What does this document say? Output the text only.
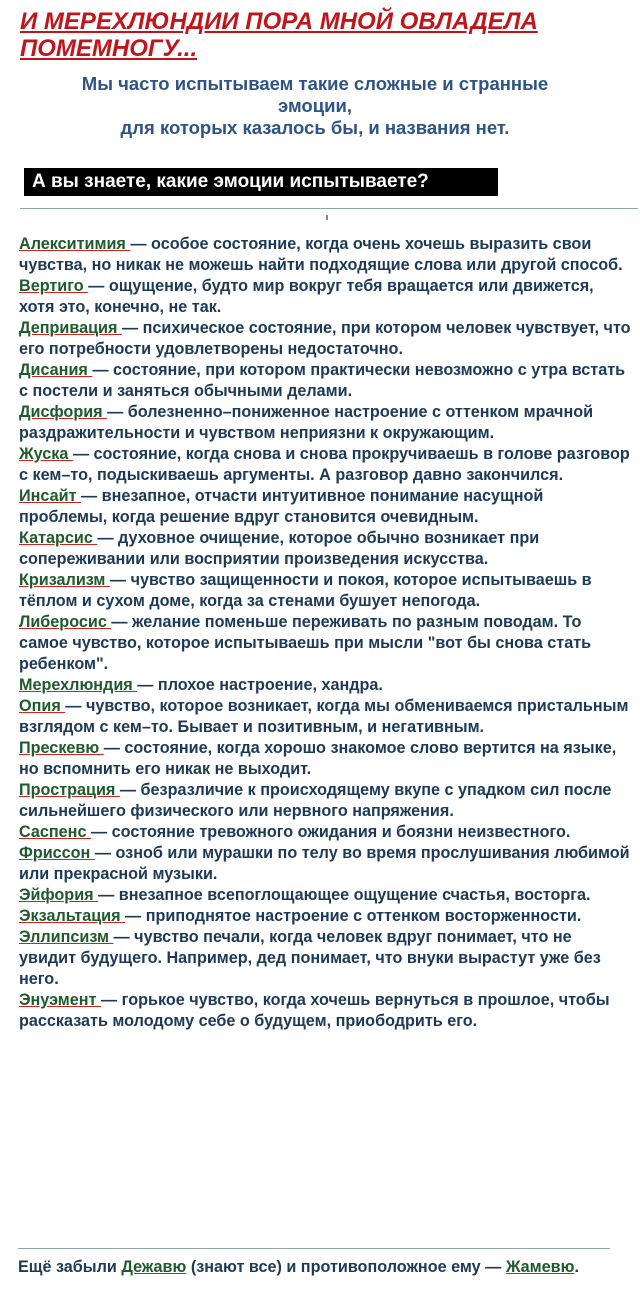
И МЕРЕХЛЮНДИИ ПОРА МНОЙ ОВЛАДЕЛА ПОМЕМНОГУ...
Мы часто испытываем такие сложные и странные
эмоции,
для которых казалось бы, и названия нет.
А вы знаете, какие эмоции испытываете?

Алекситимия — особое состояние, когда очень хочешь выразить свои чувства, но никак не можешь найти подходящие слова или другой способ.

Вертиго — ощущение, будто мир вокруг тебя вращается или движется, хотя это, конечно, не так.

Депривация — психическое состояние, при котором человек чувствует, что его потребности удовлетворены недостаточно.

Дисания — состояние, при котором практически невозможно с утра встать с постели и заняться обычными делами.

Дисфория — болезненно–пониженное настроение с оттенком мрачной раздражительности и чувством неприязни к окружающим.

Жуска — состояние, когда снова и снова прокручиваешь в голове разговор с кем–то, подыскиваешь аргументы. А разговор давно закончился.

Инсайт — внезапное, отчасти интуитивное понимание насущной проблемы, когда решение вдруг становится очевидным.

Катарсис — духовное очищение, которое обычно возникает при сопереживании или восприятии произведения искусства.

Кризализм — чувство защищенности и покоя, которое испытываешь в тёплом и сухом доме, когда за стенами бушует непогода.

Либеросис — желание поменьше переживать по разным поводам. То самое чувство, которое испытываешь при мысли "вот бы снова стать ребенком".

Мерехлюндия — плохое настроение, хандра.

Опия — чувство, которое возникает, когда мы обмениваемся пристальным взглядом с кем–то. Бывает и позитивным, и негативным.

Прескевю — состояние, когда хорошо знакомое слово вертится на языке, но вспомнить его никак не выходит.

Прострация — безразличие к происходящему вкупе с упадком сил после сильнейшего физического или нервного напряжения.

Саспенс — состояние тревожного ожидания и боязни неизвестного.

Фриссон — озноб или мурашки по телу во время прослушивания любимой или прекрасной музыки.

Эйфория — внезапное всепоглощающее ощущение счастья, восторга.

Экзальтация — приподнятое настроение с оттенком восторженности.

Эллипсизм — чувство печали, когда человек вдруг понимает, что не увидит будущего. Например, дед понимает, что внуки вырастут уже без него.

Энуэмент — горькое чувство, когда хочешь вернуться в прошлое, чтобы рассказать молодому себе о будущем, приободрить его.

Ещё забыли Дежавю (знают все) и противоположное ему — Жамевю.
